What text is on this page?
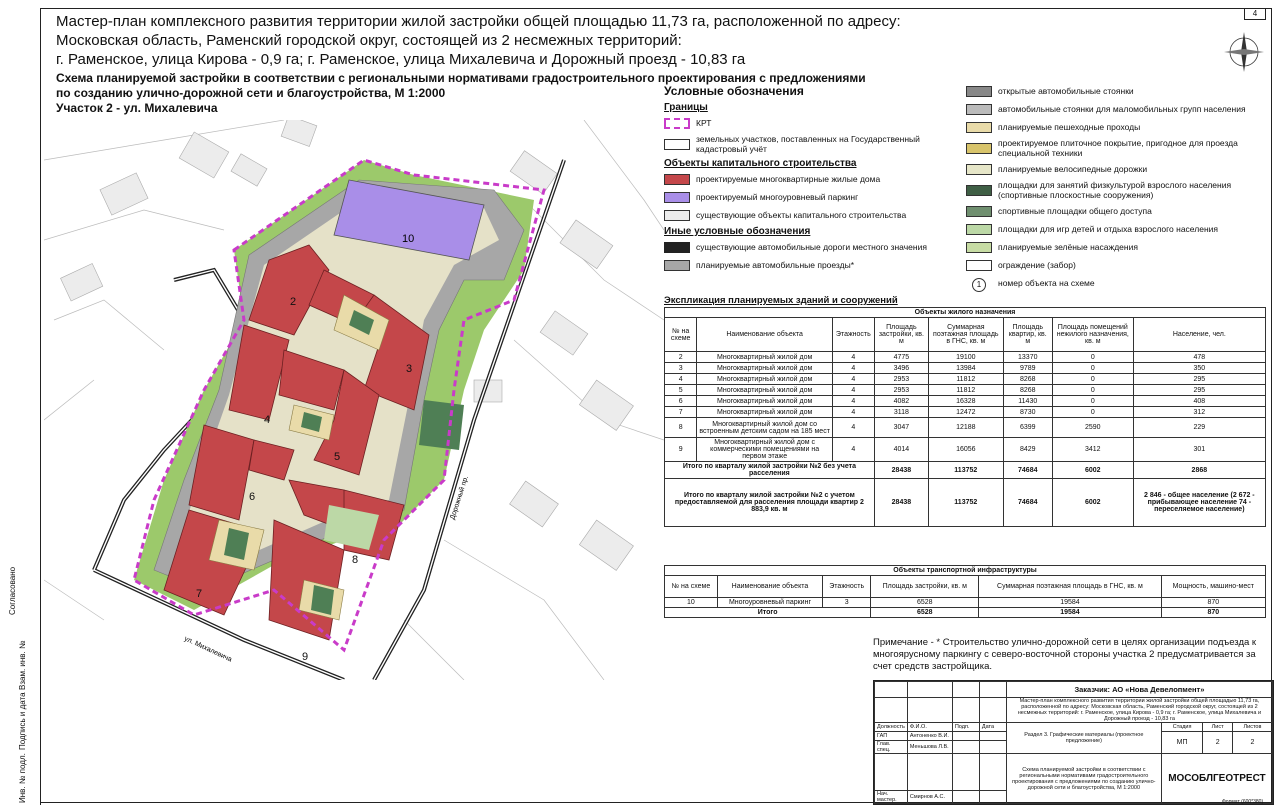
4
Согласовано
Взам. инв. №
Подпись и дата
Инв. № подл.
Мастер-план комплексного развития территории жилой застройки общей площадью 11,73 га, расположенной по адресу:
Московская область, Раменский городской округ, состоящей из 2 несмежных территорий:
г. Раменское, улица Кирова - 0,9 га; г. Раменское, улица Михалевича и Дорожный проезд - 10,83 га
Схема планируемой застройки в соответствии с региональными нормативами градостроительного проектирования с предложениями
по созданию улично-дорожной сети и благоустройства, М 1:2000
Участок 2 - ул. Михалевича
10
2
3
4
5
6
7
8
9
ул. Михалевича
Дорожный пр.
Условные обозначения
Границы
КРТ
земельных участков, поставленных на Государственный кадастровый учёт
Объекты капитального строительства
проектируемые многоквартирные жилые дома
проектируемый многоуровневый паркинг
существующие объекты капитального строительства
Иные условные обозначения
существующие автомобильные дороги местного значения
планируемые автомобильные проезды*
открытые автомобильные стоянки
автомобильные стоянки для маломобильных групп населения
планируемые пешеходные проходы
проектируемое плиточное покрытие, пригодное для проезда специальной техники
планируемые велосипедные дорожки
площадки для занятий физкультурой взрослого населения (спортивные плоскостные сооружения)
спортивные площадки общего доступа
площадки для игр детей и отдыха взрослого населения
планируемые зелёные насаждения
ограждение (забор)
1	номер объекта на схеме
Экспликация планируемых зданий и сооружений
Объекты жилого назначения							
№ на схеме	Наименование объекта	Этажность	Площадь застройки, кв. м	Суммарная поэтажная площадь в ГНС, кв. м	Площадь квартир, кв. м	Площадь помещений нежилого назначения, кв. м	Население, чел.
2	Многоквартирный жилой дом	4	4775	19100	13370	0	478
3	Многоквартирный жилой дом	4	3496	13984	9789	0	350
4	Многоквартирный жилой дом	4	2953	11812	8268	0	295
5	Многоквартирный жилой дом	4	2953	11812	8268	0	295
6	Многоквартирный жилой дом	4	4082	16328	11430	0	408
7	Многоквартирный жилой дом	4	3118	12472	8730	0	312
8	Многоквартирный жилой дом со встроенным детским садом на 185 мест	4	3047	12188	6399	2590	229
9	Многоквартирный жилой дом с коммерческими помещениями на первом этаже	4	4014	16056	8429	3412	301
Итого по кварталу жилой застройки №2 без учета расселения			28438	113752	74684	6002	2868
Итого по кварталу жилой застройки №2 с учетом предоставляемой для расселения площади квартир 2 883,9 кв. м			28438	113752	74684	6002	2 846 - общее население (2 672 - прибывающее население 74 - переселяемое население)
Объекты транспортной инфраструктуры					
№ на схеме	Наименование объекта	Этажность	Площадь застройки, кв. м	Суммарная поэтажная площадь в ГНС, кв. м	Мощность, машино-мест
10	Многоуровневый паркинг	3	6528	19584	870
Итого			6528	19584	870
Примечание - * Строительство улично-дорожной сети в целях организации подъезда к многоярусному паркингу с северо-восточной стороны участка 2 предусматривается за счет средств застройщика.
				Заказчик: АО «Нова Девелопмент»			
				Мастер-план комплексного развития территории жилой застройки общей площадью 11,73 га, расположенной по адресу: Московская область, Раменский городской округ, состоящей из 2 несмежных территорий: г. Раменское, улица Кирова - 0,9 га; г. Раменское, улица Михалевича и Дорожный проезд - 10,83 га			
Должность	Ф.И.О.	Подп.	Дата	Раздел 3. Графические материалы (проектное предложение)	Стадия	Лист	Листов
ГАП	Антоненко В.И.				МП	2	2
Глав. спец.	Меньшова Л.В.						
				Схема планируемой застройки в соответствии с региональными нормативами градостроительного проектирования с предложениями по созданию улично-дорожной сети и благоустройства, М 1:2000	МОСОБЛГЕОТРЕСТ		
Нач. мастер.	Смирнов А.С.						
Формат (600*380)
